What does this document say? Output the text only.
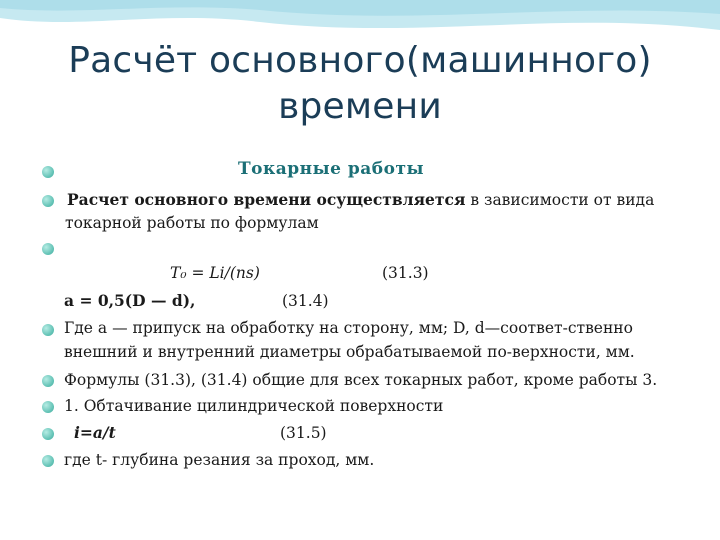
Расчёт основного(машинного)
времени
Токарные работы
Расчет основного времени осуществляется в зависимости от вида
токарной работы по формулам
Т₀ = Li/(ns)	(31.3)
a = 0,5(D — d),	(31.4)
Где a — припуск на обработку на сторону, мм; D, d—соответ-ственно
внешний и внутренний диаметры обрабатываемой по-верхности, мм.
Формулы (31.3), (31.4) общие для всех токарных работ, кроме работы 3.
1. Обтачивание цилиндрической поверхности
i=a/t	(31.5)
где t- глубина резания за проход, мм.
